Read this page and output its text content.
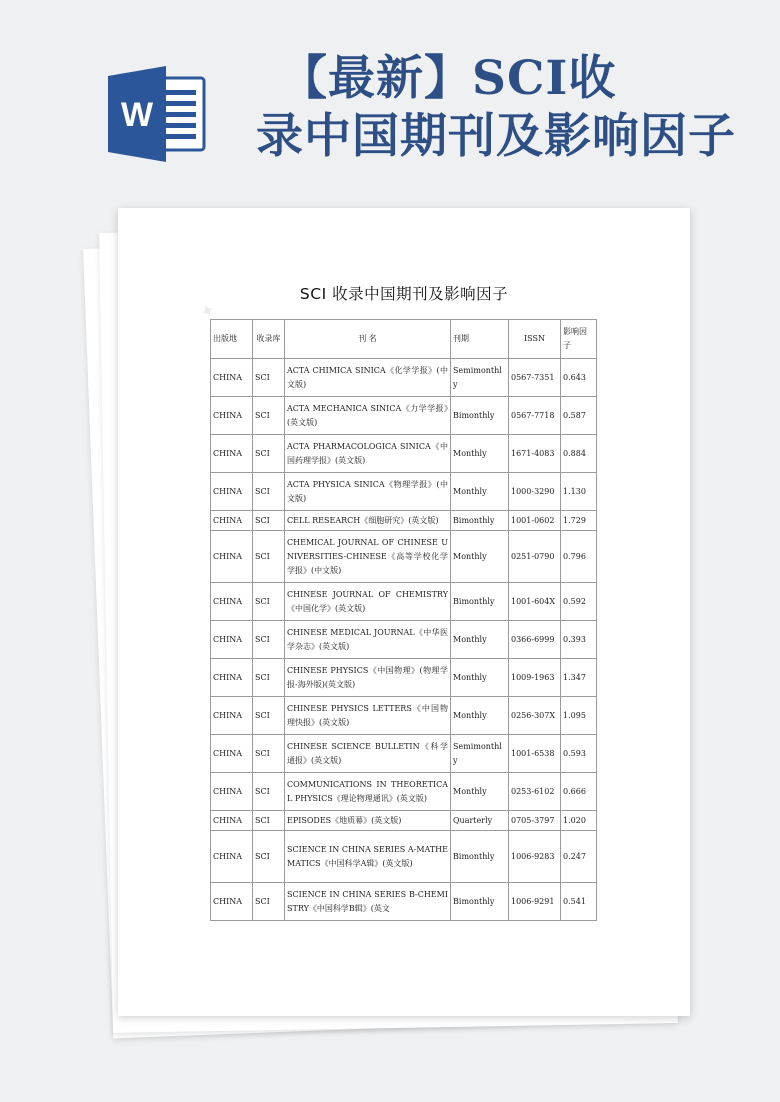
W
【最新】SCI收
录中国期刊及影响因子
SCI 收录中国期刊及影响因子
出版地	收录库	刊 名	刊期	ISSN	影响因子
CHINA	SCI	ACTA CHIMICA SINICA《化学学报》(中文版)	Semimonthly	0567-7351	0.643
CHINA	SCI	ACTA MECHANICA SINICA《力学学报》(英文版)	Bimonthly	0567-7718	0.587
CHINA	SCI	ACTA PHARMACOLOGICA SINICA《中国药理学报》(英文版)	Monthly	1671-4083	0.884
CHINA	SCI	ACTA PHYSICA SINICA《物理学报》(中文版)	Monthly	1000-3290	1.130
CHINA	SCI	CELL RESEARCH《细胞研究》(英文版)	Bimonthly	1001-0602	1.729
CHINA	SCI	CHEMICAL JOURNAL OF CHINESE UNIVERSITIES-CHINESE《高等学校化学学报》(中文版)	Monthly	0251-0790	0.796
CHINA	SCI	CHINESE JOURNAL OF CHEMISTRY《中国化学》(英文版)	Bimonthly	1001-604X	0.592
CHINA	SCI	CHINESE MEDICAL JOURNAL《中华医学杂志》(英文版)	Monthly	0366-6999	0.393
CHINA	SCI	CHINESE PHYSICS《中国物理》(物理学报-海外版)(英文版)	Monthly	1009-1963	1.347
CHINA	SCI	CHINESE PHYSICS LETTERS《中国物理快报》(英文版)	Monthly	0256-307X	1.095
CHINA	SCI	CHINESE SCIENCE BULLETIN《科学通报》(英文版)	Semimonthly	1001-6538	0.593
CHINA	SCI	COMMUNICATIONS IN THEORETICAL PHYSICS《理论物理通讯》(英文版)	Monthly	0253-6102	0.666
CHINA	SCI	EPISODES《地质幕》(英文版)	Quarterly	0705-3797	1.020
CHINA	SCI	SCIENCE IN CHINA SERIES A-MATHEMATICS《中国科学A辑》(英文版)	Bimonthly	1006-9283	0.247
CHINA	SCI	SCIENCE IN CHINA SERIES B-CHEMISTRY《中国科学B辑》(英文	Bimonthly	1006-9291	0.541
✦
